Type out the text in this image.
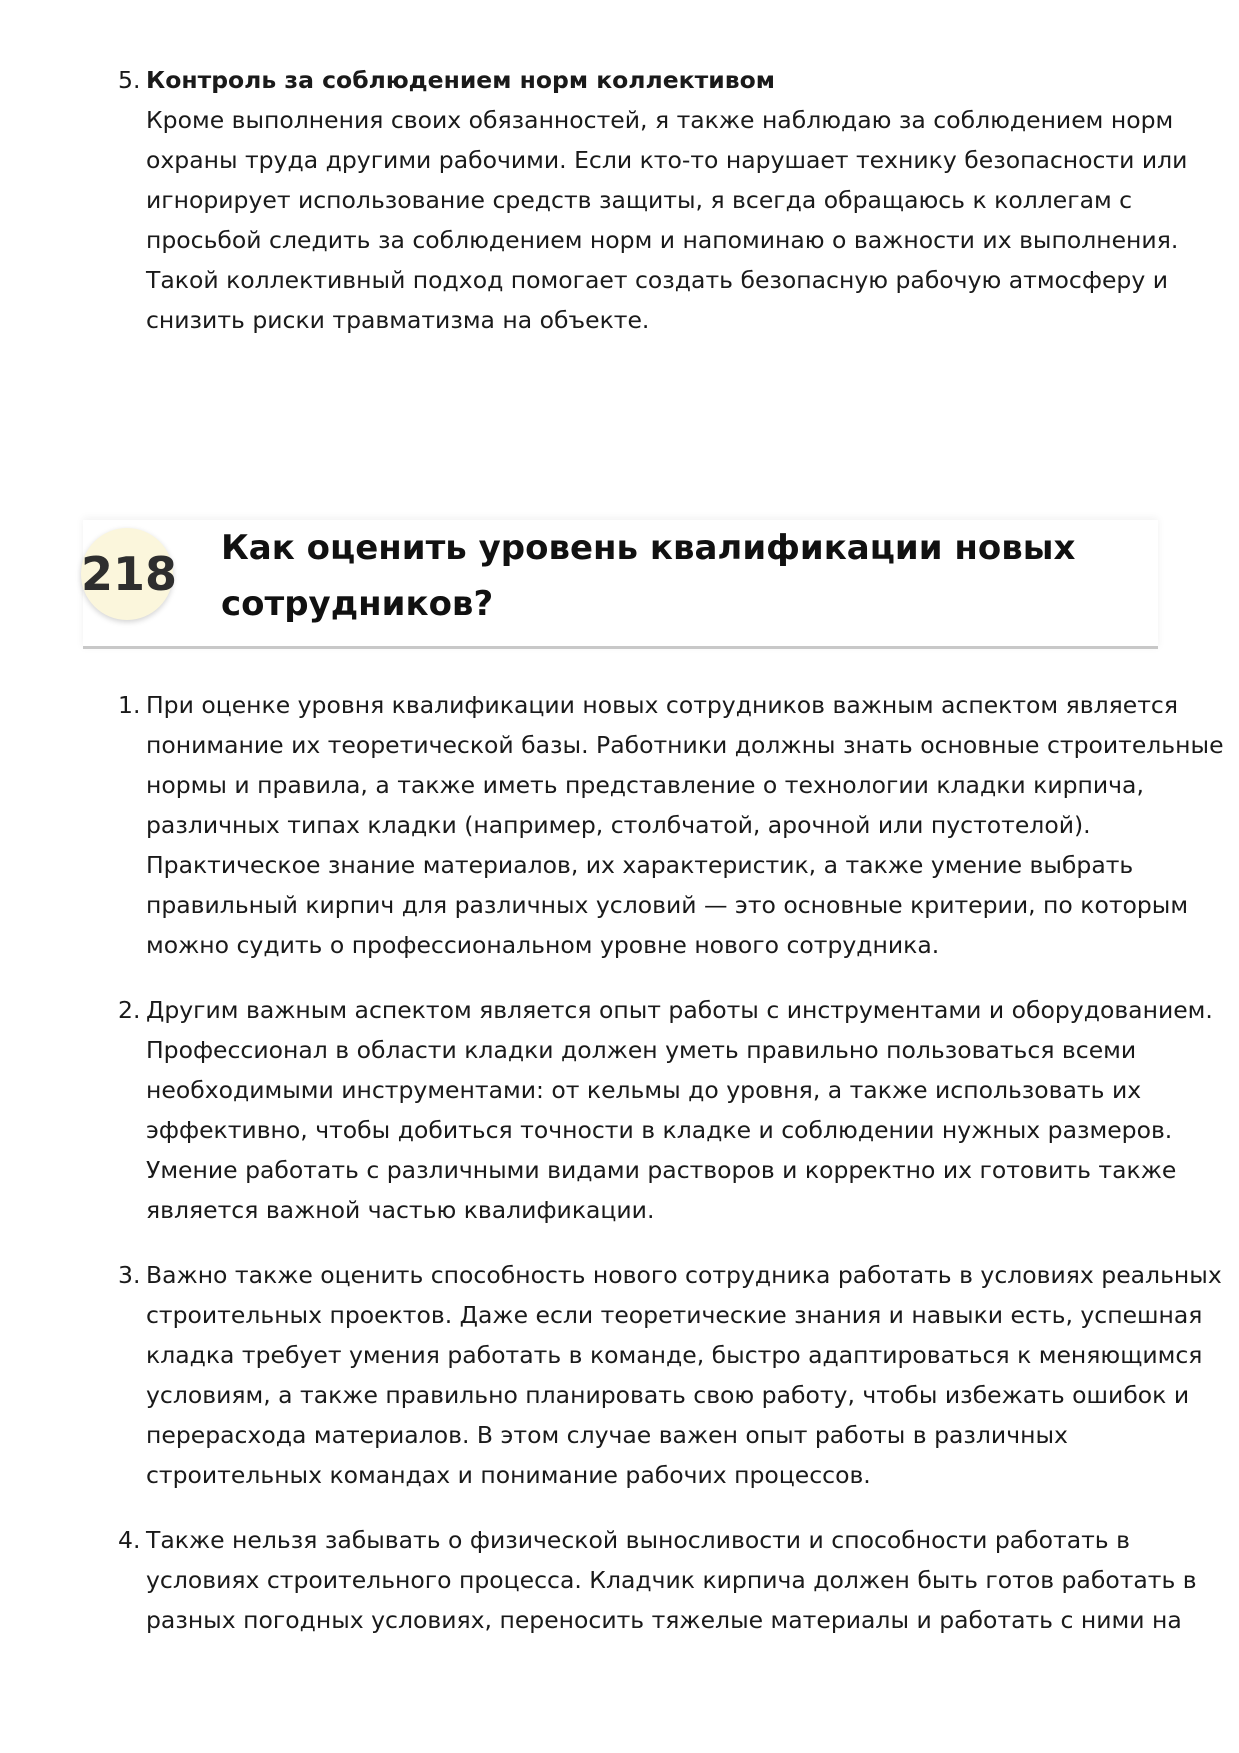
5. Контроль за соблюдением норм коллективом

Кроме выполнения своих обязанностей, я также наблюдаю за соблюдением норм

охраны труда другими рабочими. Если кто-то нарушает технику безопасности или

игнорирует использование средств защиты, я всегда обращаюсь к коллегам с

просьбой следить за соблюдением норм и напоминаю о важности их выполнения.

Такой коллективный подход помогает создать безопасную рабочую атмосферу и

снизить риски травматизма на объекте.

218 Как оценить уровень квалификации новых
сотрудников?
1. При оценке уровня квалификации новых сотрудников важным аспектом является

понимание их теоретической базы. Работники должны знать основные строительные

нормы и правила, а также иметь представление о технологии кладки кирпича,

различных типах кладки (например, столбчатой, арочной или пустотелой).

Практическое знание материалов, их характеристик, а также умение выбрать

правильный кирпич для различных условий — это основные критерии, по которым

можно судить о профессиональном уровне нового сотрудника.

2. Другим важным аспектом является опыт работы с инструментами и оборудованием.

Профессионал в области кладки должен уметь правильно пользоваться всеми

необходимыми инструментами: от кельмы до уровня, а также использовать их

эффективно, чтобы добиться точности в кладке и соблюдении нужных размеров.

Умение работать с различными видами растворов и корректно их готовить также

является важной частью квалификации.

3. Важно также оценить способность нового сотрудника работать в условиях реальных

строительных проектов. Даже если теоретические знания и навыки есть, успешная

кладка требует умения работать в команде, быстро адаптироваться к меняющимся

условиям, а также правильно планировать свою работу, чтобы избежать ошибок и

перерасхода материалов. В этом случае важен опыт работы в различных

строительных командах и понимание рабочих процессов.

4. Также нельзя забывать о физической выносливости и способности работать в

условиях строительного процесса. Кладчик кирпича должен быть готов работать в

разных погодных условиях, переносить тяжелые материалы и работать с ними на
